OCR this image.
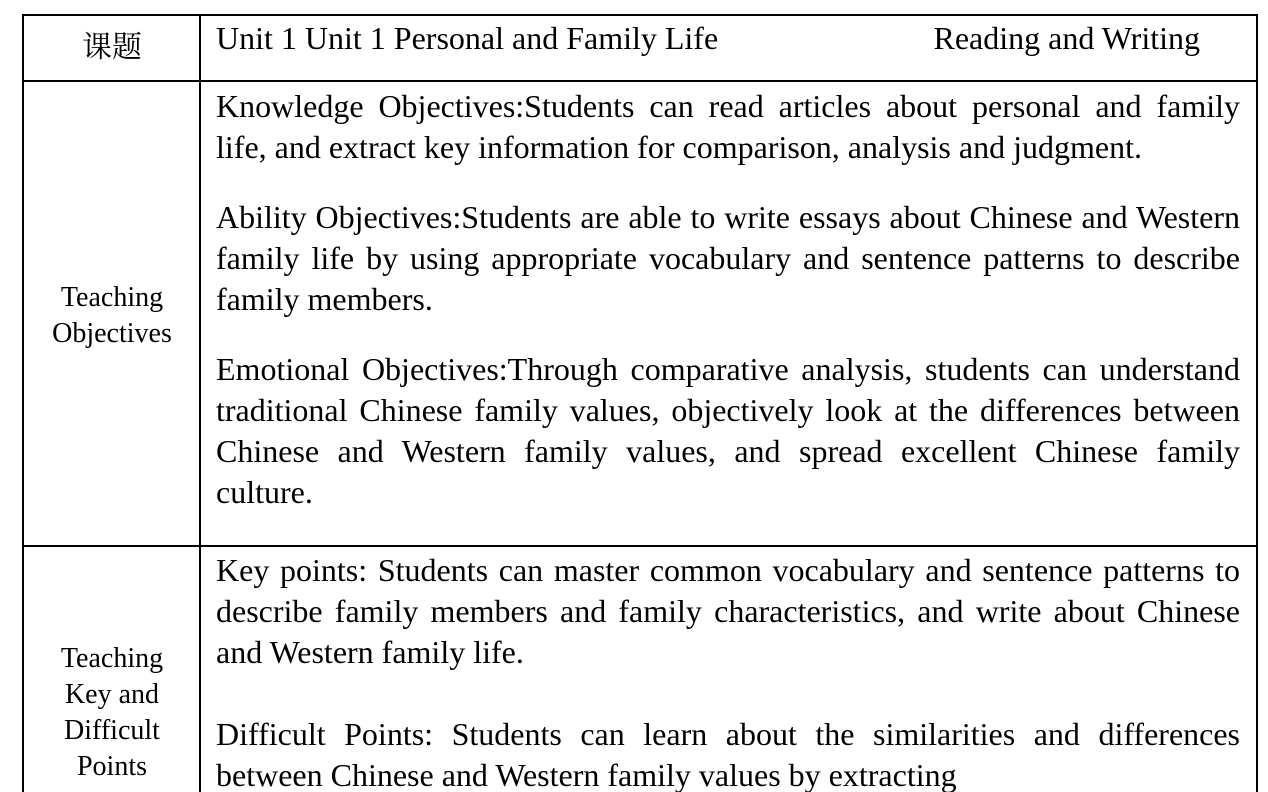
课题	Unit 1 Unit 1 Personal and Family Life	Reading and Writing
Teaching Objectives

Knowledge Objectives:Students can read articles about personal and family life, and extract key information for comparison, analysis and judgment.

Ability Objectives:Students are able to write essays about Chinese and Western family life by using appropriate vocabulary and sentence patterns to describe family members.

Emotional Objectives:Through comparative analysis, students can understand traditional Chinese family values, objectively look at the differences between Chinese and Western family values, and spread excellent Chinese family culture.

Teaching Key and Difficult Points

Key points: Students can master common vocabulary and sentence patterns to describe family members and family characteristics, and write about Chinese and Western family life.

Difficult Points: Students can learn about the similarities and differences between Chinese and Western family values by extracting
